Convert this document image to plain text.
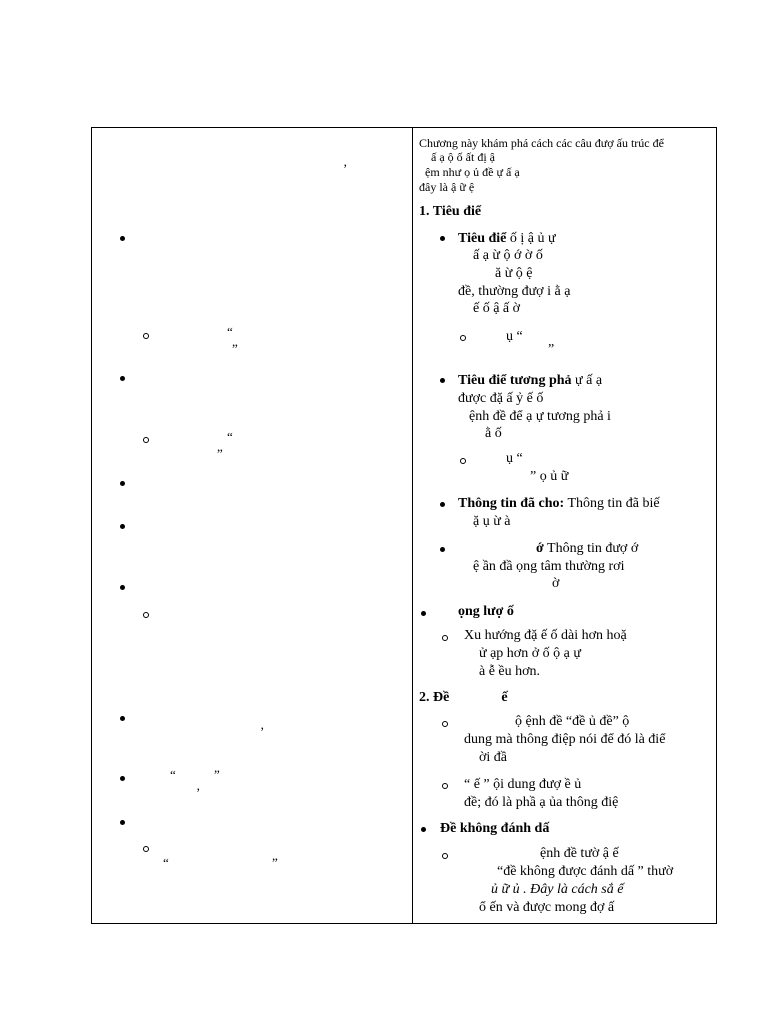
’
“
”
“
”
’
“	”
’
“	”
Chương này khám phá cách các câu đượ ấu trúc để
ấ ạ ộ ố ất đị ậ
ệm như ọ ủ đề ự ấ ạ
đây là ậ ữ ệ
1. Tiêu điể
Tiêu điể ố ị ậ ủ ự
ấ ạ ừ ộ ớ ờ ố
ă ừ ộ ệ
đề, thường đượ i ằ ạ
ế ố ậ ấ ờ
ụ “
”
Tiêu điể tương phả ự ấ ạ
được đặ ấ ỷ ế ố
ệnh đề để ạ ự tương phả i
ằ ố
ụ “
” ọ ủ ữ
Thông tin đã cho: Thông tin đã biế
ặ ụ ừ à
ớ Thông tin đượ ớ
ệ ần đầ ọng tâm thường rơi
ờ
ọng lượ ố
Xu hướng đặ ế ố dài hơn hoặ
ử ạp hơn ở ố ộ ạ ự
à ễ ều hơn.
2. Đề	ế
ộ ệnh đề “đề ủ đề” ộ
dung mà thông điệp nói để đó là điể
ời đầ
“ ế ” ội dung đượ ề ủ
đề; đó là phầ ạ ủa thông điệ
Đề không đánh dấ
ệnh đề tườ ậ ế
“đề không được đánh dấ ” thườ
ủ ữ ủ . Đây là cách sắ ế
ổ ến và được mong đợ ấ
